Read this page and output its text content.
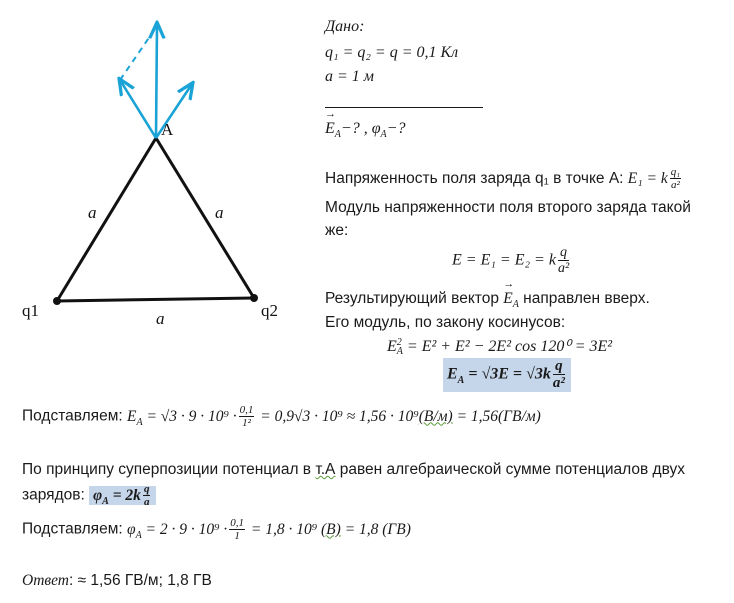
A
a	a
a
q1	q2
Дано:
q₁ = q₂ = q = 0,1 Кл
a = 1 м
→ $E_A-$? , $\varphi_A-$?
Напряженность поля заряда q₁ в точке A: E₁ = k $\frac{\text{q₁}}{\text{a²}}$
Модуль напряженности поля второго заряда такой
же:
E = E₁ = E₂ = k $\frac{q}{\text{a²}}$
Результирующий вектор → $E_A$ направлен вверх.
Его модуль, по закону косинусов:
E 2
A = E² + E² − 2E² cos 120⁰ = 3E²
$E_A = √3E = √3k \frac{q}{\text{a²}}$
Подставляем: $E_A = √3 \cdot 9 \cdot 10^9 \cdot \frac{0,1}{\text{1²}} = 0,9√3 \cdot 10^9 \approx 1,56 \cdot 10^9(В/м) = 1,56(ГВ/м)$
По принципу суперпозиции потенциал в т.А равен алгебраической сумме потенциалов двух
зарядов: $\varphi_A = 2k \frac{q}{a}$
Подставляем: $\varphi_A = 2 \cdot 9 \cdot 10^9 \cdot \frac{0,1}{1} = 1,8 \cdot 10^9$ (В) = 1,8 (ГВ)
Ответ: ≈ 1,56 ГВ/м; 1,8 ГВ
